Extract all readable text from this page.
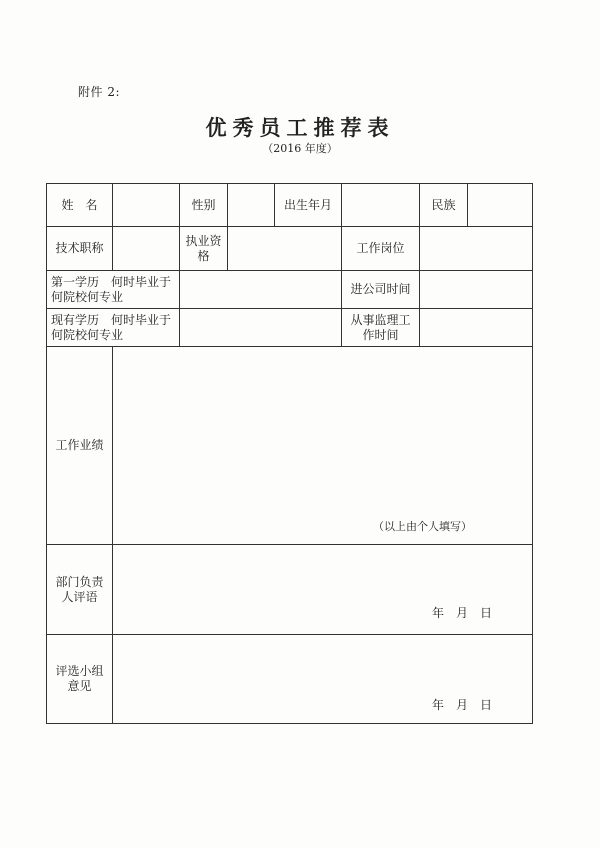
附件 2:
优秀员工推荐表
（2016 年度）
姓　名		性别		出生年月		民族	
技术职称		执业资格			工作岗位		
第一学历　何时毕业于何院校何专业					进公司时间		
现有学历　何时毕业于何院校何专业					从事监理工作时间		
工作业绩	（以上由个人填写）						

部门负责人评语	年　月　日						

评选小组意见	年　月　日						
